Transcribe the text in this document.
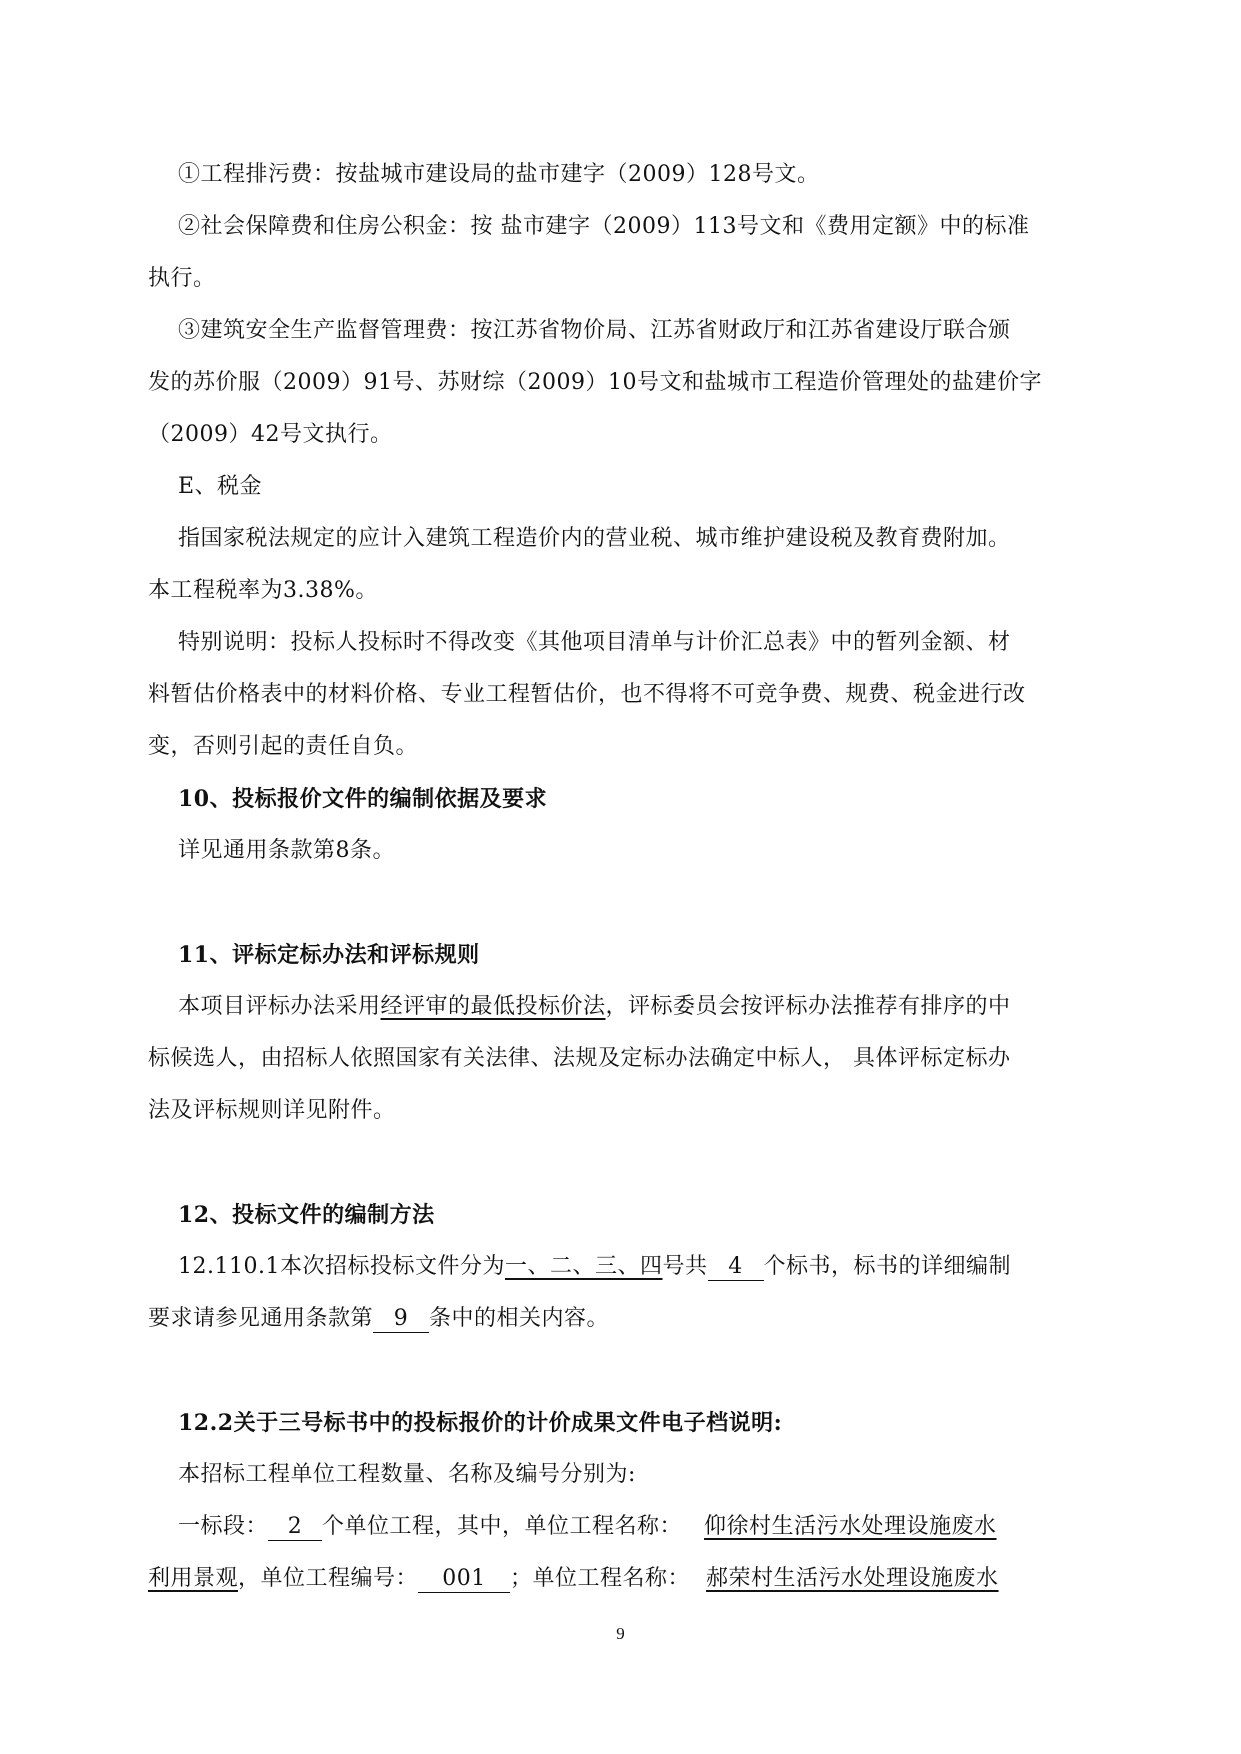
①工程排污费：按盐城市建设局的盐市建字（2009）128号文。
②社会保障费和住房公积金：按 盐市建字（2009）113号文和《费用定额》中的标准
执行。
③建筑安全生产监督管理费：按江苏省物价局、江苏省财政厅和江苏省建设厅联合颁
发的苏价服（2009）91号、苏财综（2009）10号文和盐城市工程造价管理处的盐建价字
（2009）42号文执行。
E、税金
指国家税法规定的应计入建筑工程造价内的营业税、城市维护建设税及教育费附加。
本工程税率为3.38%。
特别说明：投标人投标时不得改变《其他项目清单与计价汇总表》中的暂列金额、材
料暂估价格表中的材料价格、专业工程暂估价，也不得将不可竞争费、规费、税金进行改
变，否则引起的责任自负。
10、投标报价文件的编制依据及要求
详见通用条款第8条。
11、评标定标办法和评标规则
本项目评标办法采用经评审的最低投标价法，评标委员会按评标办法推荐有排序的中
标候选人，由招标人依照国家有关法律、法规及定标办法确定中标人， 具体评标定标办
法及评标规则详见附件。
12、投标文件的编制方法
12.110.1本次招标投标文件分为一、二、三、四号共 4 个标书，标书的详细编制
要求请参见通用条款第 9 条中的相关内容。
12.2关于三号标书中的投标报价的计价成果文件电子档说明:
本招标工程单位工程数量、名称及编号分别为:
一标段： 2 个单位工程，其中，单位工程名称： 仰徐村生活污水处理设施废水
利用景观，单位工程编号： 001 ；单位工程名称： 郝荣村生活污水处理设施废水
9
